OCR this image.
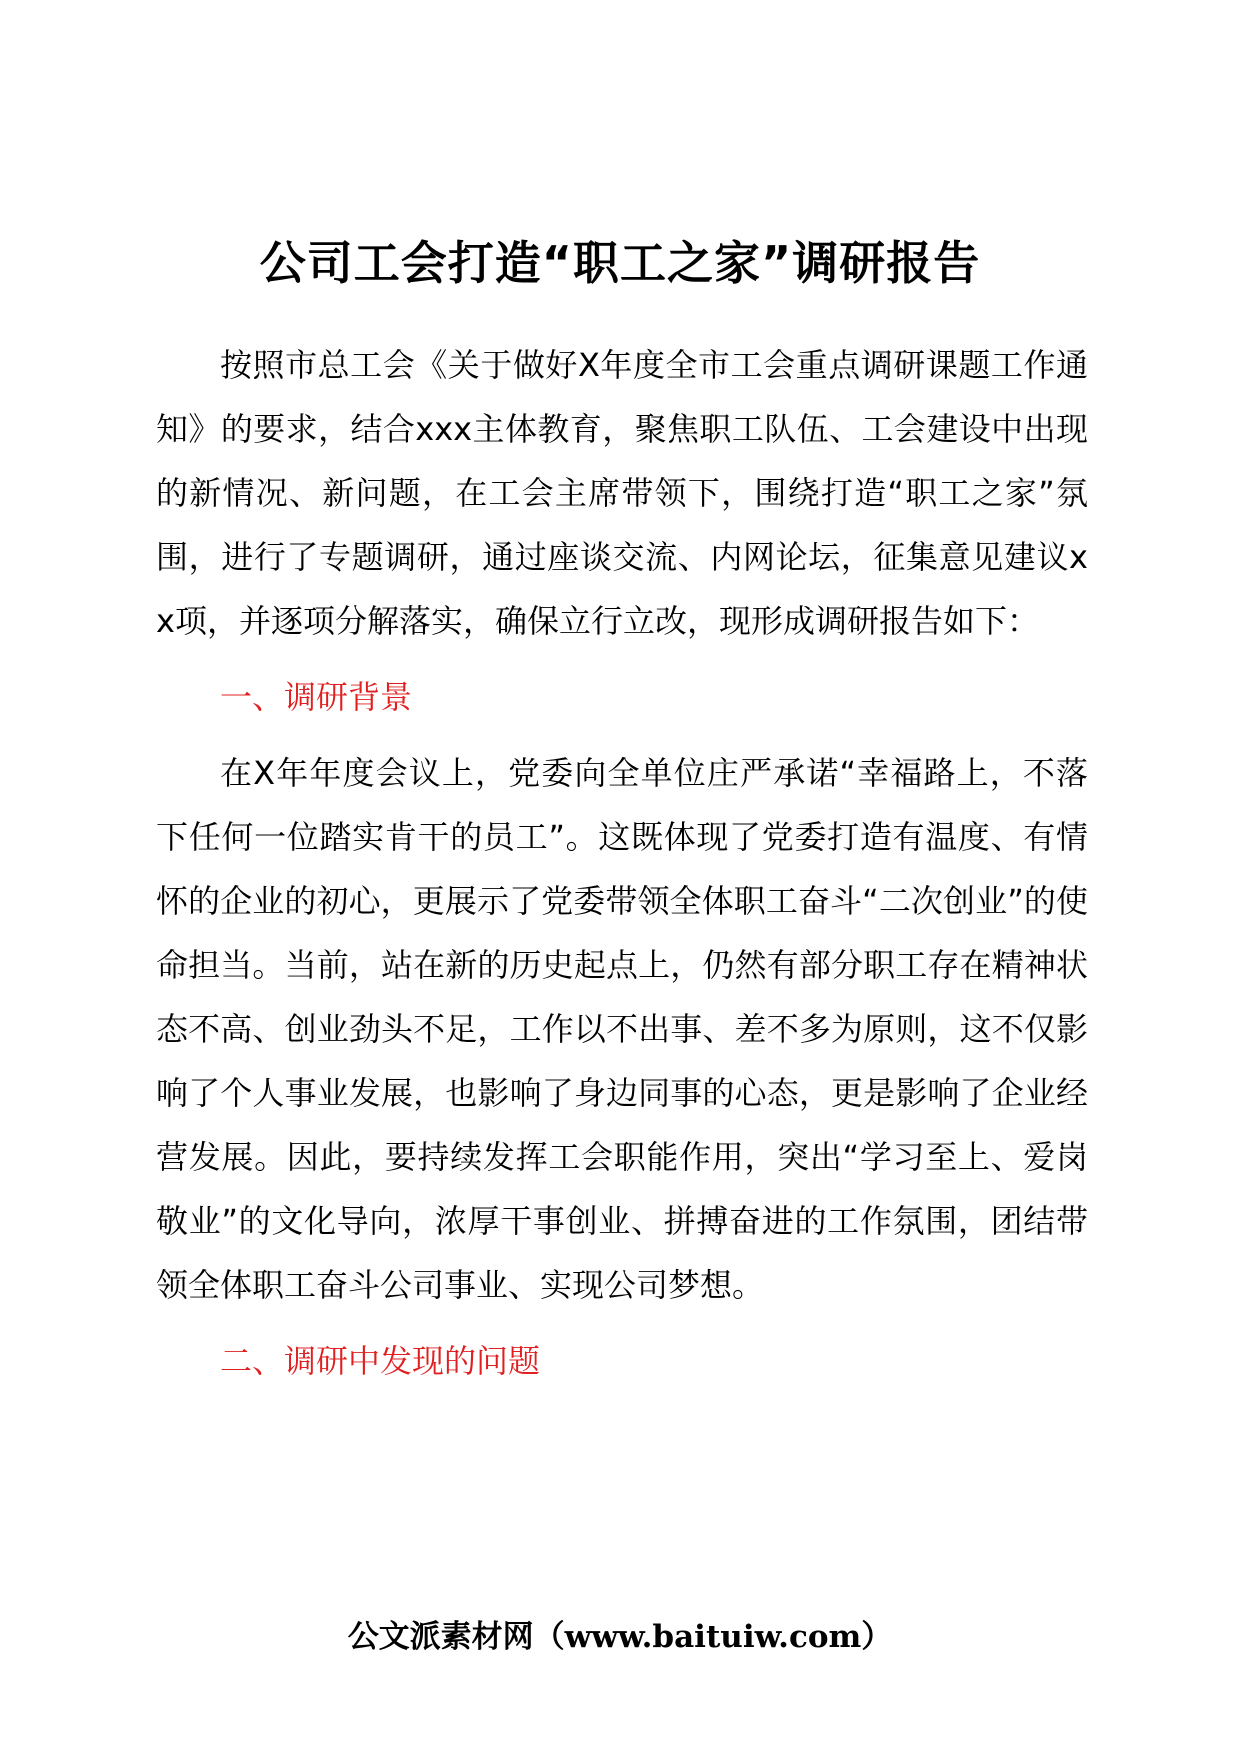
公司工会打造“职工之家”调研报告

按照市总工会《关于做好X年度全市工会重点调研课题工作通知》的要求，结合xxx主体教育，聚焦职工队伍、工会建设中出现的新情况、新问题，在工会主席带领下，围绕打造“职工之家”氛围，进行了专题调研，通过座谈交流、内网论坛，征集意见建议xx项，并逐项分解落实，确保立行立改，现形成调研报告如下：

一、调研背景

在X年年度会议上，党委向全单位庄严承诺“幸福路上，不落下任何一位踏实肯干的员工”。这既体现了党委打造有温度、有情怀的企业的初心，更展示了党委带领全体职工奋斗“二次创业”的使命担当。当前，站在新的历史起点上，仍然有部分职工存在精神状态不高、创业劲头不足，工作以不出事、差不多为原则，这不仅影响了个人事业发展，也影响了身边同事的心态，更是影响了企业经营发展。因此，要持续发挥工会职能作用，突出“学习至上、爱岗敬业”的文化导向，浓厚干事创业、拼搏奋进的工作氛围，团结带领全体职工奋斗公司事业、实现公司梦想。

二、调研中发现的问题
公文派素材网（www.baituiw.com）
